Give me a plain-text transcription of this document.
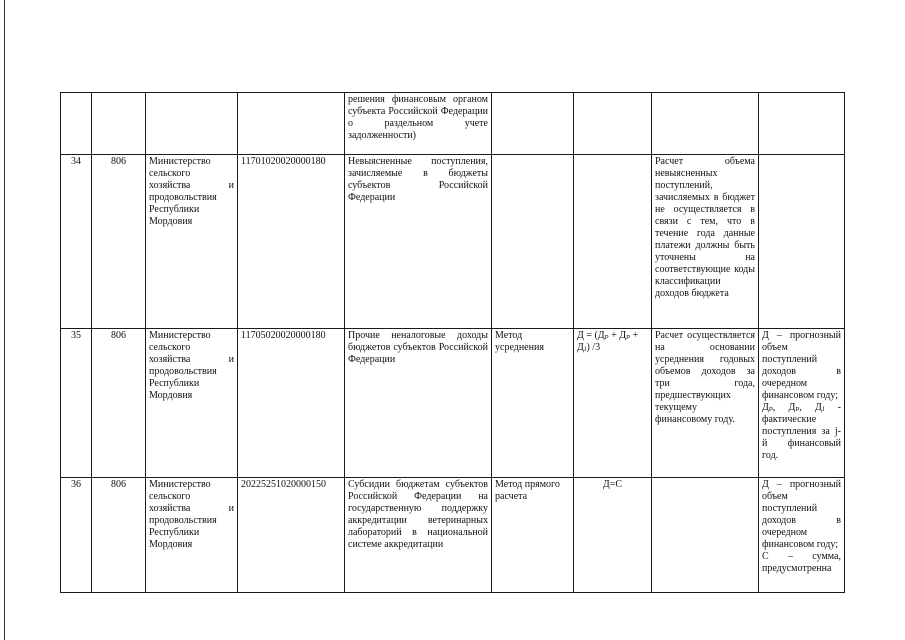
				решения финансовым органом субъекта Российской Федерации о раздельном учете задолженности)				
34	806	Министерство сельского хозяйства и продовольствия Республики Мордовия	11701020020000180	Невыясненные поступления, зачисляемые в бюджеты субъектов Российской Федерации			Расчет объема невыясненных поступлений, зачисляемых в бюджет не осуществляется в связи с тем, что в течение года данные платежи должны быть уточнены на соответствующие коды классификации доходов бюджета	
35	806	Министерство сельского хозяйства и продовольствия Республики Мордовия	11705020020000180	Прочие неналоговые доходы бюджетов субъектов Российской Федерации	Метод усреднения	Д = (Дₚ + Дₚ + Дⱼ) /3	Расчет осуществляется на основании усреднения годовых объемов доходов за три года, предшествующих текущему финансовому году.	Д – прогнозный объем поступлений доходов в очередном финансовом году;
Дₚ, Дₚ, Дⱼ - фактические поступления за j-й финансовый год.
36	806	Министерство сельского хозяйства и продовольствия Республики Мордовия	20225251020000150	Субсидии бюджетам субъектов Российской Федерации на государственную поддержку аккредитации ветеринарных лабораторий в национальной системе аккредитации	Метод прямого расчета	Д=С		Д – прогнозный объем поступлений доходов в очередном финансовом году;
С – сумма, предусмотренна
